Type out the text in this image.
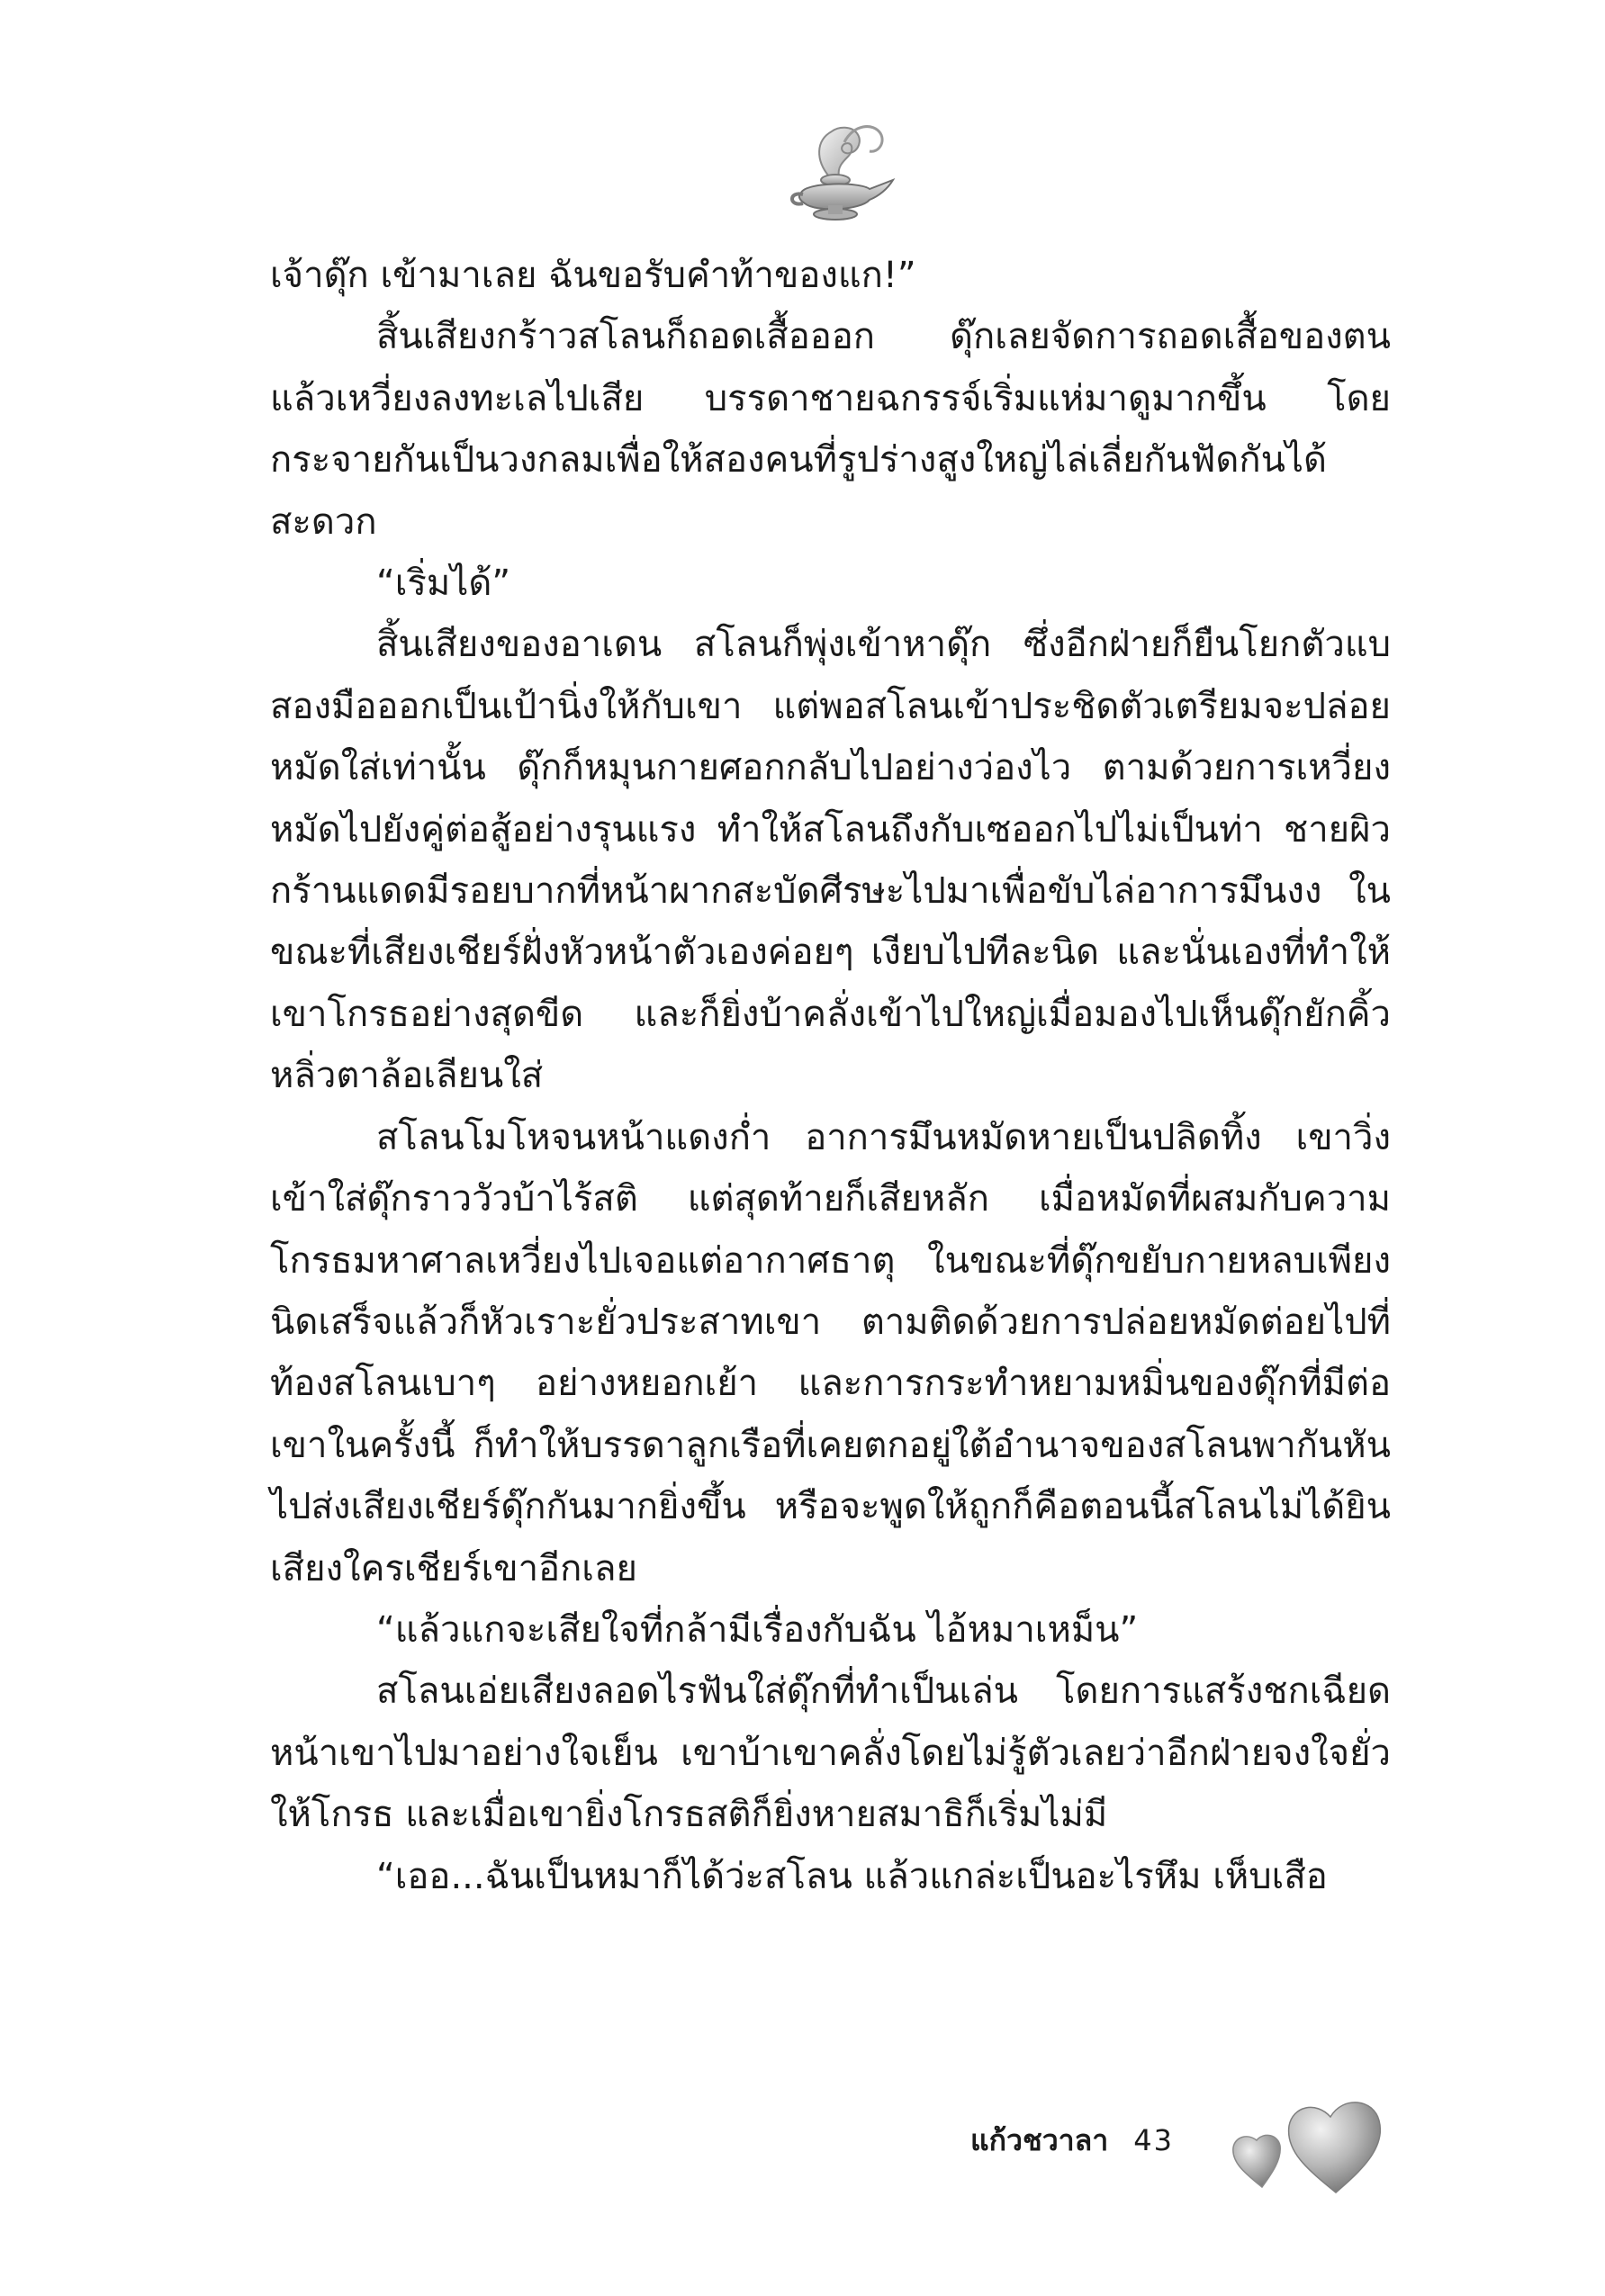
เจ้าดุ๊ก เข้ามาเลย ฉันขอรับคำท้าของแก!”

สิ้นเสียงกร้าวสโลนก็ถอดเสื้อออก ดุ๊กเลยจัดการถอดเสื้อของตนแล้วเหวี่ยงลงทะเลไปเสีย บรรดาชายฉกรรจ์เริ่มแห่มาดูมากขึ้น โดยกระจายกันเป็นวงกลมเพื่อให้สองคนที่รูปร่างสูงใหญ่ไล่เลี่ยกันฟัดกันได้สะดวก

“เริ่มได้”

สิ้นเสียงของอาเดน สโลนก็พุ่งเข้าหาดุ๊ก ซึ่งอีกฝ่ายก็ยืนโยกตัวแบสองมือออกเป็นเป้านิ่งให้กับเขา แต่พอสโลนเข้าประชิดตัวเตรียมจะปล่อยหมัดใส่เท่านั้น ดุ๊กก็หมุนกายศอกกลับไปอย่างว่องไว ตามด้วยการเหวี่ยงหมัดไปยังคู่ต่อสู้อย่างรุนแรง ทำให้สโลนถึงกับเซออกไปไม่เป็นท่า ชายผิวกร้านแดดมีรอยบากที่หน้าผากสะบัดศีรษะไปมาเพื่อขับไล่อาการมึนงง ในขณะที่เสียงเชียร์ฝั่งหัวหน้าตัวเองค่อยๆ เงียบไปทีละนิด และนั่นเองที่ทำให้เขาโกรธอย่างสุดขีด และก็ยิ่งบ้าคลั่งเข้าไปใหญ่เมื่อมองไปเห็นดุ๊กยักคิ้วหลิ่วตาล้อเลียนใส่

สโลนโมโหจนหน้าแดงก่ำ อาการมึนหมัดหายเป็นปลิดทิ้ง เขาวิ่งเข้าใส่ดุ๊กราววัวบ้าไร้สติ แต่สุดท้ายก็เสียหลัก เมื่อหมัดที่ผสมกับความโกรธมหาศาลเหวี่ยงไปเจอแต่อากาศธาตุ ในขณะที่ดุ๊กขยับกายหลบเพียงนิดเสร็จแล้วก็หัวเราะยั่วประสาทเขา ตามติดด้วยการปล่อยหมัดต่อยไปที่ท้องสโลนเบาๆ อย่างหยอกเย้า และการกระทำหยามหมิ่นของดุ๊กที่มีต่อเขาในครั้งนี้ ก็ทำให้บรรดาลูกเรือที่เคยตกอยู่ใต้อำนาจของสโลนพากันหันไปส่งเสียงเชียร์ดุ๊กกันมากยิ่งขึ้น หรือจะพูดให้ถูกก็คือตอนนี้สโลนไม่ได้ยินเสียงใครเชียร์เขาอีกเลย

“แล้วแกจะเสียใจที่กล้ามีเรื่องกับฉัน ไอ้หมาเหม็น”

สโลนเอ่ยเสียงลอดไรฟันใส่ดุ๊กที่ทำเป็นเล่น โดยการแสร้งชกเฉียดหน้าเขาไปมาอย่างใจเย็น เขาบ้าเขาคลั่งโดยไม่รู้ตัวเลยว่าอีกฝ่ายจงใจยั่วให้โกรธ และเมื่อเขายิ่งโกรธสติก็ยิ่งหายสมาธิก็เริ่มไม่มี

“เออ...ฉันเป็นหมาก็ได้ว่ะสโลน แล้วแกล่ะเป็นอะไรหึม เห็บเสือ

แก้วชวาลา 43
